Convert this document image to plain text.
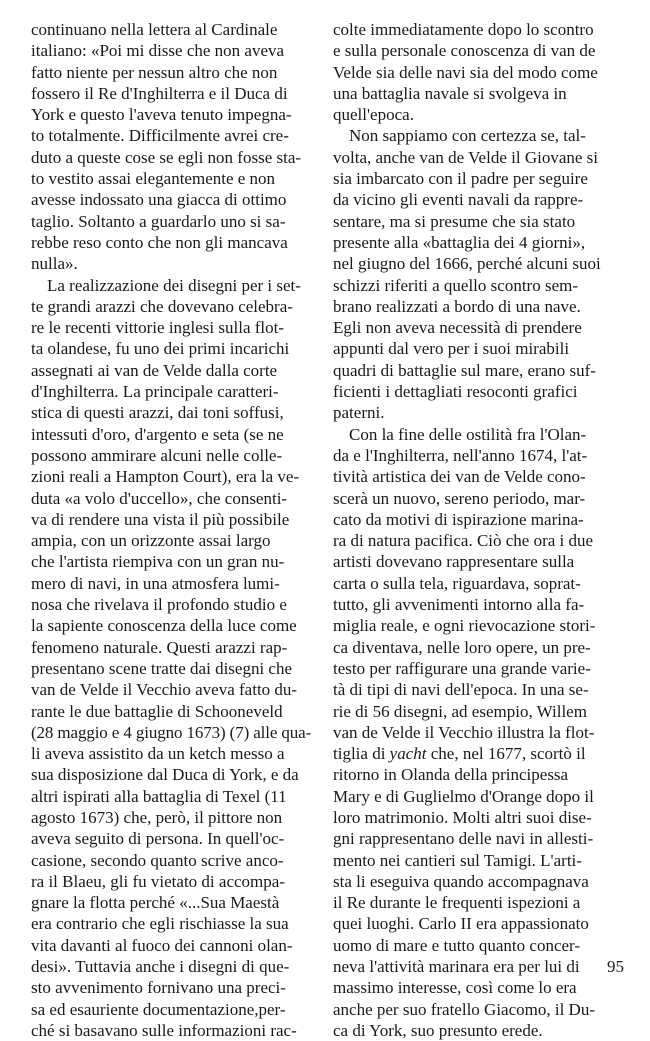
continuano nella lettera al Cardinale
italiano: «Poi mi disse che non aveva
fatto niente per nessun altro che non
fossero il Re d'Inghilterra e il Duca di
York e questo l'aveva tenuto impegna-
to totalmente. Difficilmente avrei cre-
duto a queste cose se egli non fosse sta-
to vestito assai elegantemente e non
avesse indossato una giacca di ottimo
taglio. Soltanto a guardarlo uno si sa-
rebbe reso conto che non gli mancava
nulla».
La realizzazione dei disegni per i set-
te grandi arazzi che dovevano celebra-
re le recenti vittorie inglesi sulla flot-
ta olandese, fu uno dei primi incarichi
assegnati ai van de Velde dalla corte
d'Inghilterra. La principale caratteri-
stica di questi arazzi, dai toni soffusi,
intessuti d'oro, d'argento e seta (se ne
possono ammirare alcuni nelle colle-
zioni reali a Hampton Court), era la ve-
duta «a volo d'uccello», che consenti-
va di rendere una vista il più possibile
ampia, con un orizzonte assai largo
che l'artista riempiva con un gran nu-
mero di navi, in una atmosfera lumi-
nosa che rivelava il profondo studio e
la sapiente conoscenza della luce come
fenomeno naturale. Questi arazzi rap-
presentano scene tratte dai disegni che
van de Velde il Vecchio aveva fatto du-
rante le due battaglie di Schooneveld
(28 maggio e 4 giugno 1673) (7) alle qua-
li aveva assistito da un ketch messo a
sua disposizione dal Duca di York, e da
altri ispirati alla battaglia di Texel (11
agosto 1673) che, però, il pittore non
aveva seguito di persona. In quell'oc-
casione, secondo quanto scrive anco-
ra il Blaeu, gli fu vietato di accompa-
gnare la flotta perché «...Sua Maestà
era contrario che egli rischiasse la sua
vita davanti al fuoco dei cannoni olan-
desi». Tuttavia anche i disegni di que-
sto avvenimento fornivano una preci-
sa ed esauriente documentazione,per-
ché si basavano sulle informazioni rac-
colte immediatamente dopo lo scontro
e sulla personale conoscenza di van de
Velde sia delle navi sia del modo come
una battaglia navale si svolgeva in
quell'epoca.
Non sappiamo con certezza se, tal-
volta, anche van de Velde il Giovane si
sia imbarcato con il padre per seguire
da vicino gli eventi navali da rappre-
sentare, ma si presume che sia stato
presente alla «battaglia dei 4 giorni»,
nel giugno del 1666, perché alcuni suoi
schizzi riferiti a quello scontro sem-
brano realizzati a bordo di una nave.
Egli non aveva necessità di prendere
appunti dal vero per i suoi mirabili
quadri di battaglie sul mare, erano suf-
ficienti i dettagliati resoconti grafici
paterni.
Con la fine delle ostilità fra l'Olan-
da e l'Inghilterra, nell'anno 1674, l'at-
tività artistica dei van de Velde cono-
scerà un nuovo, sereno periodo, mar-
cato da motivi di ispirazione marina-
ra di natura pacifica. Ciò che ora i due
artisti dovevano rappresentare sulla
carta o sulla tela, riguardava, soprat-
tutto, gli avvenimenti intorno alla fa-
miglia reale, e ogni rievocazione stori-
ca diventava, nelle loro opere, un pre-
testo per raffigurare una grande varie-
tà di tipi di navi dell'epoca. In una se-
rie di 56 disegni, ad esempio, Willem
van de Velde il Vecchio illustra la flot-
tiglia di yacht che, nel 1677, scortò il
ritorno in Olanda della principessa
Mary e di Guglielmo d'Orange dopo il
loro matrimonio. Molti altri suoi dise-
gni rappresentano delle navi in allesti-
mento nei cantieri sul Tamigi. L'arti-
sta li eseguiva quando accompagnava
il Re durante le frequenti ispezioni a
quei luoghi. Carlo II era appassionato
uomo di mare e tutto quanto concer-
neva l'attività marinara era per lui di
massimo interesse, così come lo era
anche per suo fratello Giacomo, il Du-
ca di York, suo presunto erede.
95
